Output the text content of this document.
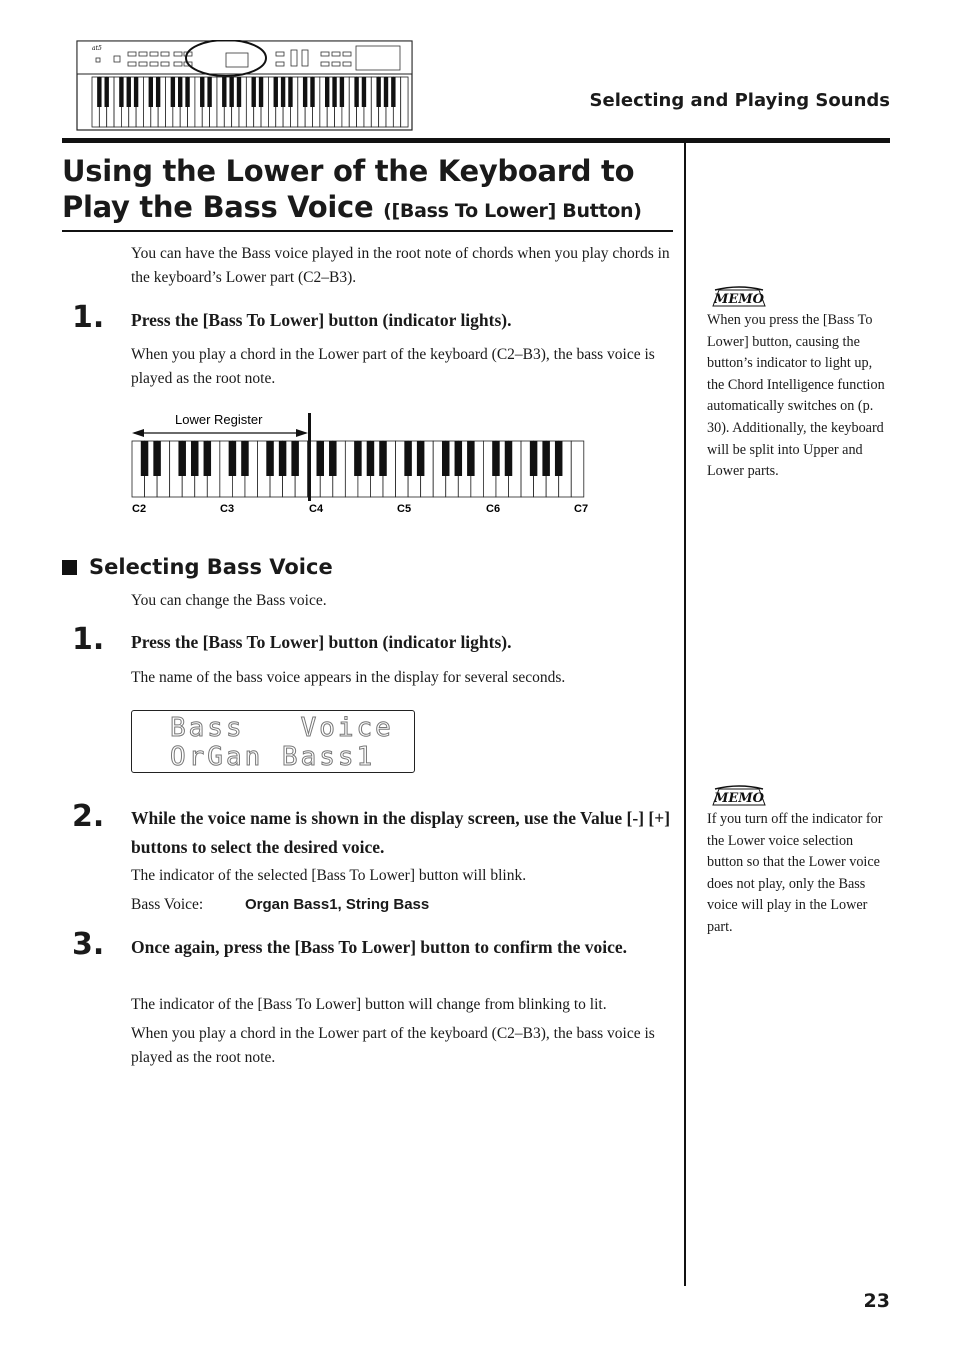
at5
Selecting and Playing Sounds
Using the Lower of the Keyboard to Play the Bass Voice ([Bass To Lower] Button)
You can have the Bass voice played in the root note of chords when you play chords in the keyboard’s Lower part (C2–B3).
1. Press the [Bass To Lower] button (indicator lights).
When you play a chord in the Lower part of the keyboard (C2–B3), the bass voice is played as the root note.
Lower Register
C2	C3	C4	C5	C6	C7
Selecting Bass Voice
You can change the Bass voice.
1. Press the [Bass To Lower] button (indicator lights).
The name of the bass voice appears in the display for several seconds.
Bass   Voice
OrGan Bass1
2. While the voice name is shown in the display screen, use the Value [-] [+] buttons to select the desired voice.
The indicator of the selected [Bass To Lower] button will blink.
Bass Voice:	Organ Bass1, String Bass
3. Once again, press the [Bass To Lower] button to confirm the voice.
The indicator of the [Bass To Lower] button will change from blinking to lit.
When you play a chord in the Lower part of the keyboard (C2–B3), the bass voice is played as the root note.
MEMO
When you press the [Bass To Lower] button, causing the button’s indicator to light up, the Chord Intelligence function automatically switches on (p. 30). Additionally, the keyboard will be split into Upper and Lower parts.
MEMO
If you turn off the indicator for the Lower voice selection button so that the Lower voice does not play, only the Bass voice will play in the Lower part.
23
